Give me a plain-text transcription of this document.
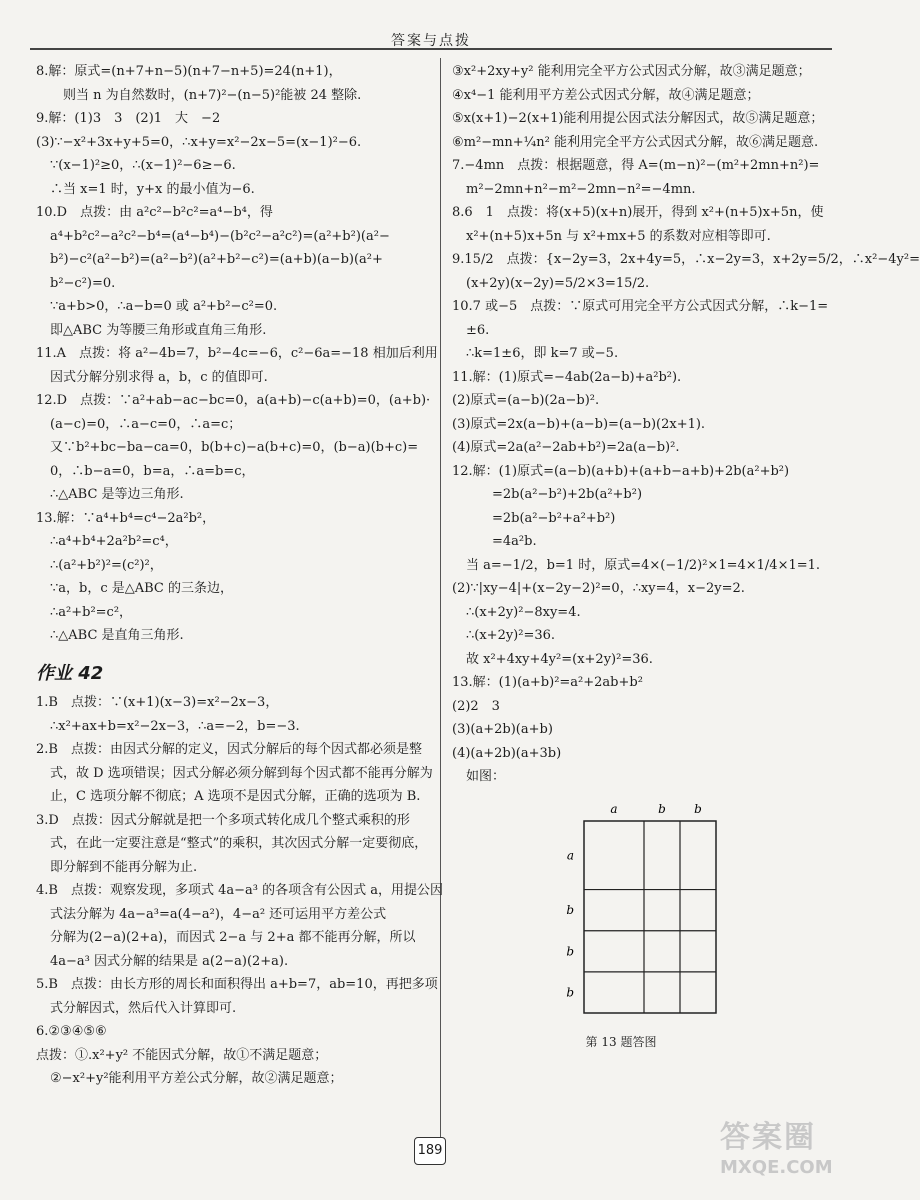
答案与点拨
8.解：原式=(n+7+n−5)(n+7−n+5)=24(n+1)，
　则当 n 为自然数时，(n+7)²−(n−5)²能被 24 整除.
9.解：(1)3　3　(2)1　大　−2
(3)∵−x²+3x+y+5=0，∴x+y=x²−2x−5=(x−1)²−6.
∵(x−1)²≥0，∴(x−1)²−6≥−6.
∴当 x=1 时，y+x 的最小值为−6.
10.D　点拨：由 a²c²−b²c²=a⁴−b⁴，得
a⁴+b²c²−a²c²−b⁴=(a⁴−b⁴)−(b²c²−a²c²)=(a²+b²)(a²−
b²)−c²(a²−b²)=(a²−b²)(a²+b²−c²)=(a+b)(a−b)(a²+
b²−c²)=0.
∵a+b>0，∴a−b=0 或 a²+b²−c²=0.
即△ABC 为等腰三角形或直角三角形.
11.A　点拨：将 a²−4b=7，b²−4c=−6，c²−6a=−18 相加后利用
因式分解分别求得 a，b，c 的值即可.
12.D　点拨：∵a²+ab−ac−bc=0，a(a+b)−c(a+b)=0，(a+b)·
(a−c)=0，∴a−c=0，∴a=c；
又∵b²+bc−ba−ca=0，b(b+c)−a(b+c)=0，(b−a)(b+c)=
0，∴b−a=0，b=a，∴a=b=c，
∴△ABC 是等边三角形.
13.解：∵a⁴+b⁴=c⁴−2a²b²，
∴a⁴+b⁴+2a²b²=c⁴，
∴(a²+b²)²=(c²)²，
∵a，b，c 是△ABC 的三条边，
∴a²+b²=c²，
∴△ABC 是直角三角形.
作业 42
1.B　点拨：∵(x+1)(x−3)=x²−2x−3，
∴x²+ax+b=x²−2x−3，∴a=−2，b=−3.
2.B　点拨：由因式分解的定义，因式分解后的每个因式都必须是整
式，故 D 选项错误；因式分解必须分解到每个因式都不能再分解为
止，C 选项分解不彻底；A 选项不是因式分解，正确的选项为 B.
3.D　点拨：因式分解就是把一个多项式转化成几个整式乘积的形
式，在此一定要注意是“整式”的乘积，其次因式分解一定要彻底，
即分解到不能再分解为止.
4.B　点拨：观察发现，多项式 4a−a³ 的各项含有公因式 a，用提公因
式法分解为 4a−a³=a(4−a²)，4−a² 还可运用平方差公式
分解为(2−a)(2+a)，而因式 2−a 与 2+a 都不能再分解，所以
4a−a³ 因式分解的结果是 a(2−a)(2+a).
5.B　点拨：由长方形的周长和面积得出 a+b=7，ab=10，再把多项
式分解因式，然后代入计算即可.
6.②③④⑤⑥
点拨：①.x²+y² 不能因式分解，故①不满足题意；
②−x²+y²能利用平方差公式分解，故②满足题意；
③x²+2xy+y² 能利用完全平方公式因式分解，故③满足题意；
④x⁴−1 能利用平方差公式因式分解，故④满足题意；
⑤x(x+1)−2(x+1)能利用提公因式法分解因式，故⑤满足题意；
⑥m²−mn+¼n² 能利用完全平方公式因式分解，故⑥满足题意.
7.−4mn　点拨：根据题意，得 A=(m−n)²−(m²+2mn+n²)=
m²−2mn+n²−m²−2mn−n²=−4mn.
8.6　1　点拨：将(x+5)(x+n)展开，得到 x²+(n+5)x+5n，使
x²+(n+5)x+5n 与 x²+mx+5 的系数对应相等即可.
9.15/2　点拨：{x−2y=3，2x+4y=5，∴x−2y=3，x+2y=5/2，∴x²−4y²=
(x+2y)(x−2y)=5/2×3=15/2.
10.7 或−5　点拨：∵原式可用完全平方公式因式分解，∴k−1=
±6.
∴k=1±6，即 k=7 或−5.
11.解：(1)原式=−4ab(2a−b)+a²b²).
(2)原式=(a−b)(2a−b)².
(3)原式=2x(a−b)+(a−b)=(a−b)(2x+1).
(4)原式=2a(a²−2ab+b²)=2a(a−b)².
12.解：(1)原式=(a−b)(a+b)+(a+b−a+b)+2b(a²+b²)
=2b(a²−b²)+2b(a²+b²)
=2b(a²−b²+a²+b²)
=4a²b.
当 a=−1/2，b=1 时，原式=4×(−1/2)²×1=4×1/4×1=1.
(2)∵|xy−4|+(x−2y−2)²=0，∴xy=4，x−2y=2.
∴(x+2y)²−8xy=4.
∴(x+2y)²=36.
故 x²+4xy+4y²=(x+2y)²=36.
13.解：(1)(a+b)²=a²+2ab+b²
(2)2　3
(3)(a+2b)(a+b)
(4)(a+2b)(a+3b)
如图：
a	b b
a
b
b
b
第 13 题答图
189	答案圈
MXQE.COM
